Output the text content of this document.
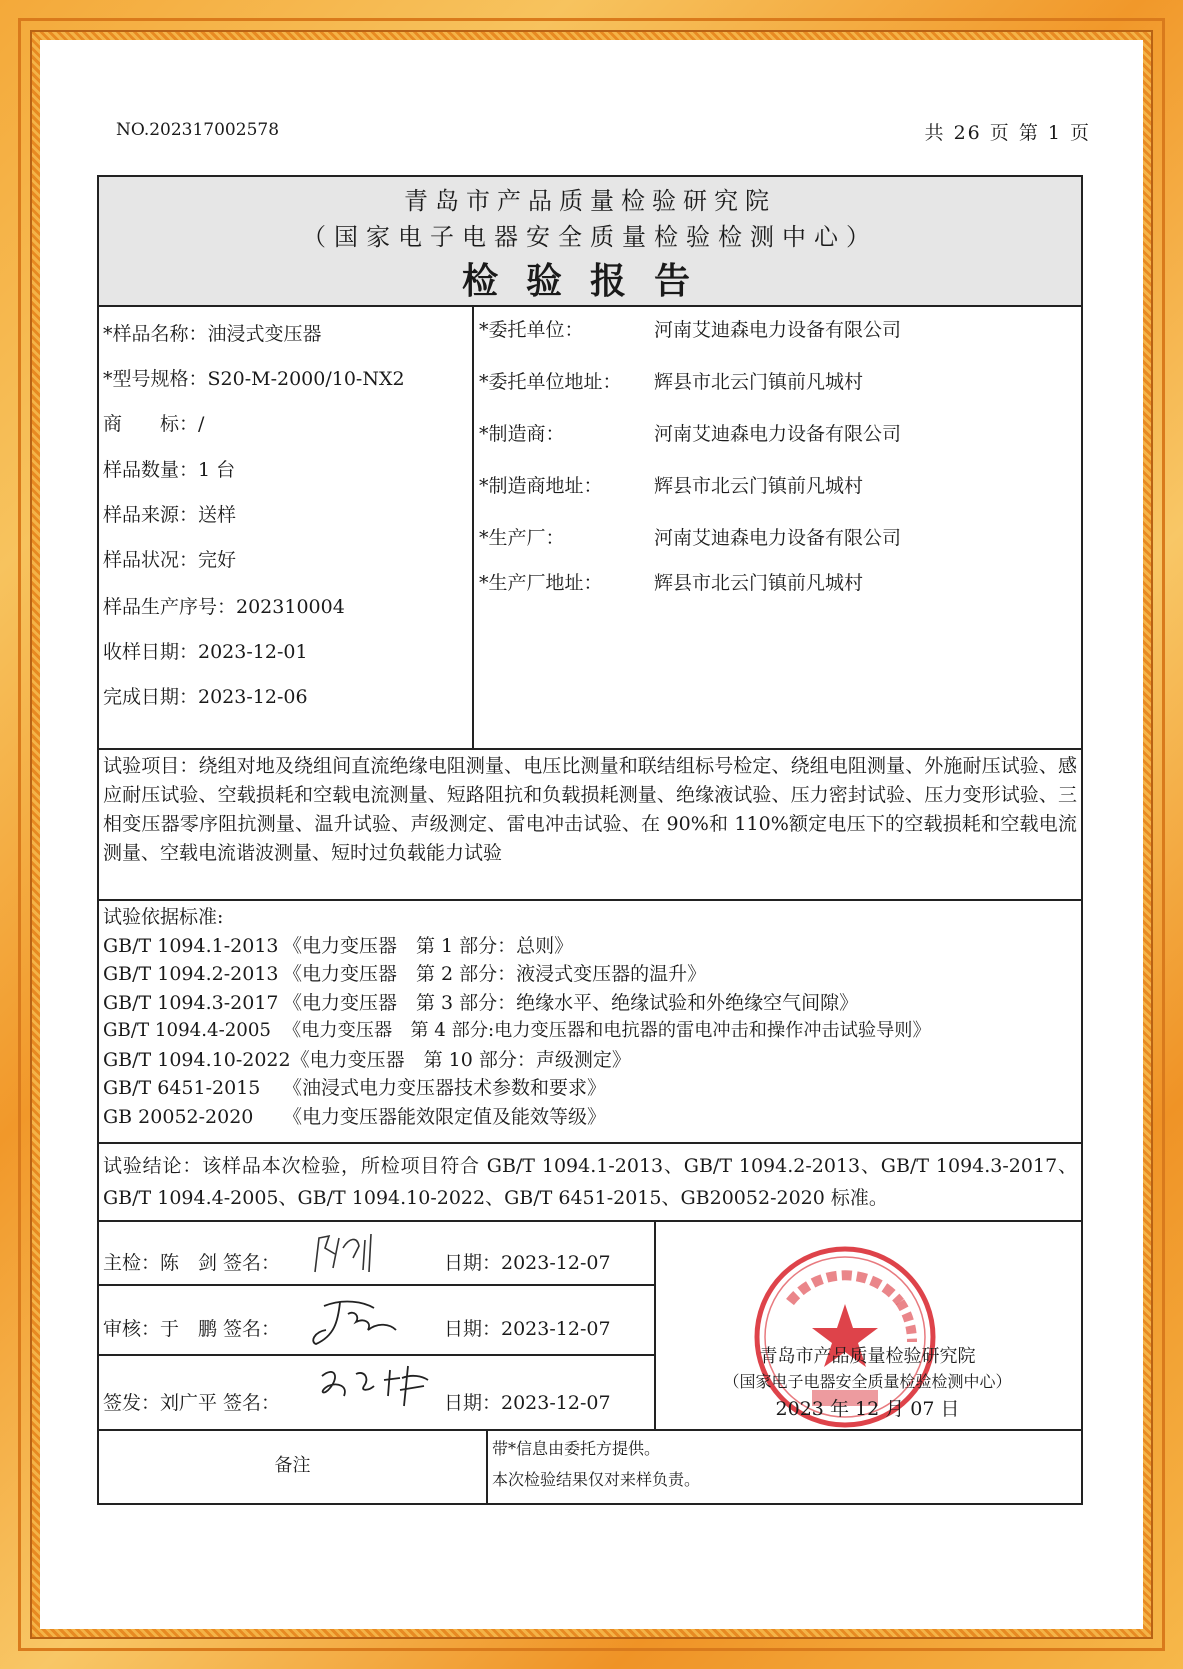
NO.202317002578	共 26 页 第 1 页
青岛市产品质量检验研究院
（国家电子电器安全质量检验检测中心）
检验报告
*样品名称：油浸式变压器
*型号规格：S20-M-2000/10-NX2
商　　标：/
样品数量：1 台
样品来源：送样
样品状况：完好
样品生产序号：202310004
收样日期：2023-12-01
完成日期：2023-12-06
*委托单位：	河南艾迪森电力设备有限公司
*委托单位地址： 辉县市北云门镇前凡城村
*制造商：	河南艾迪森电力设备有限公司
*制造商地址：	辉县市北云门镇前凡城村
*生产厂：	河南艾迪森电力设备有限公司
*生产厂地址：	辉县市北云门镇前凡城村
试验项目：绕组对地及绕组间直流绝缘电阻测量、电压比测量和联结组标号检定、绕组电阻测量、外施耐压试验、感应耐压试验、空载损耗和空载电流测量、短路阻抗和负载损耗测量、绝缘液试验、压力密封试验、压力变形试验、三相变压器零序阻抗测量、温升试验、声级测定、雷电冲击试验、在 90%和 110%额定电压下的空载损耗和空载电流测量、空载电流谐波测量、短时过负载能力试验
试验依据标准:
GB/T 1094.1-2013 《电力变压器　第 1 部分：总则》
GB/T 1094.2-2013 《电力变压器　第 2 部分：液浸式变压器的温升》
GB/T 1094.3-2017 《电力变压器　第 3 部分：绝缘水平、绝缘试验和外绝缘空气间隙》
GB/T 1094.4-2005 《电力变压器　第 4 部分:电力变压器和电抗器的雷电冲击和操作冲击试验导则》
GB/T 1094.10-2022《电力变压器　第 10 部分：声级测定》
GB/T 6451-2015 《油浸式电力变压器技术参数和要求》
GB 20052-2020 《电力变压器能效限定值及能效等级》
试验结论：该样品本次检验，所检项目符合 GB/T 1094.1-2013、GB/T 1094.2-2013、GB/T 1094.3-2017、GB/T 1094.4-2005、GB/T 1094.10-2022、GB/T 6451-2015、GB20052-2020 标准。
主检：陈　剑 签名：	日期：2023-12-07
审核：于　鹏 签名：	日期：2023-12-07
签发：刘广平 签名：	日期：2023-12-07
青岛市产品质量检验研究院
（国家电子电器安全质量检验检测中心）
2023 年 12 月 07 日
备注
带*信息由委托方提供。
本次检验结果仅对来样负责。
